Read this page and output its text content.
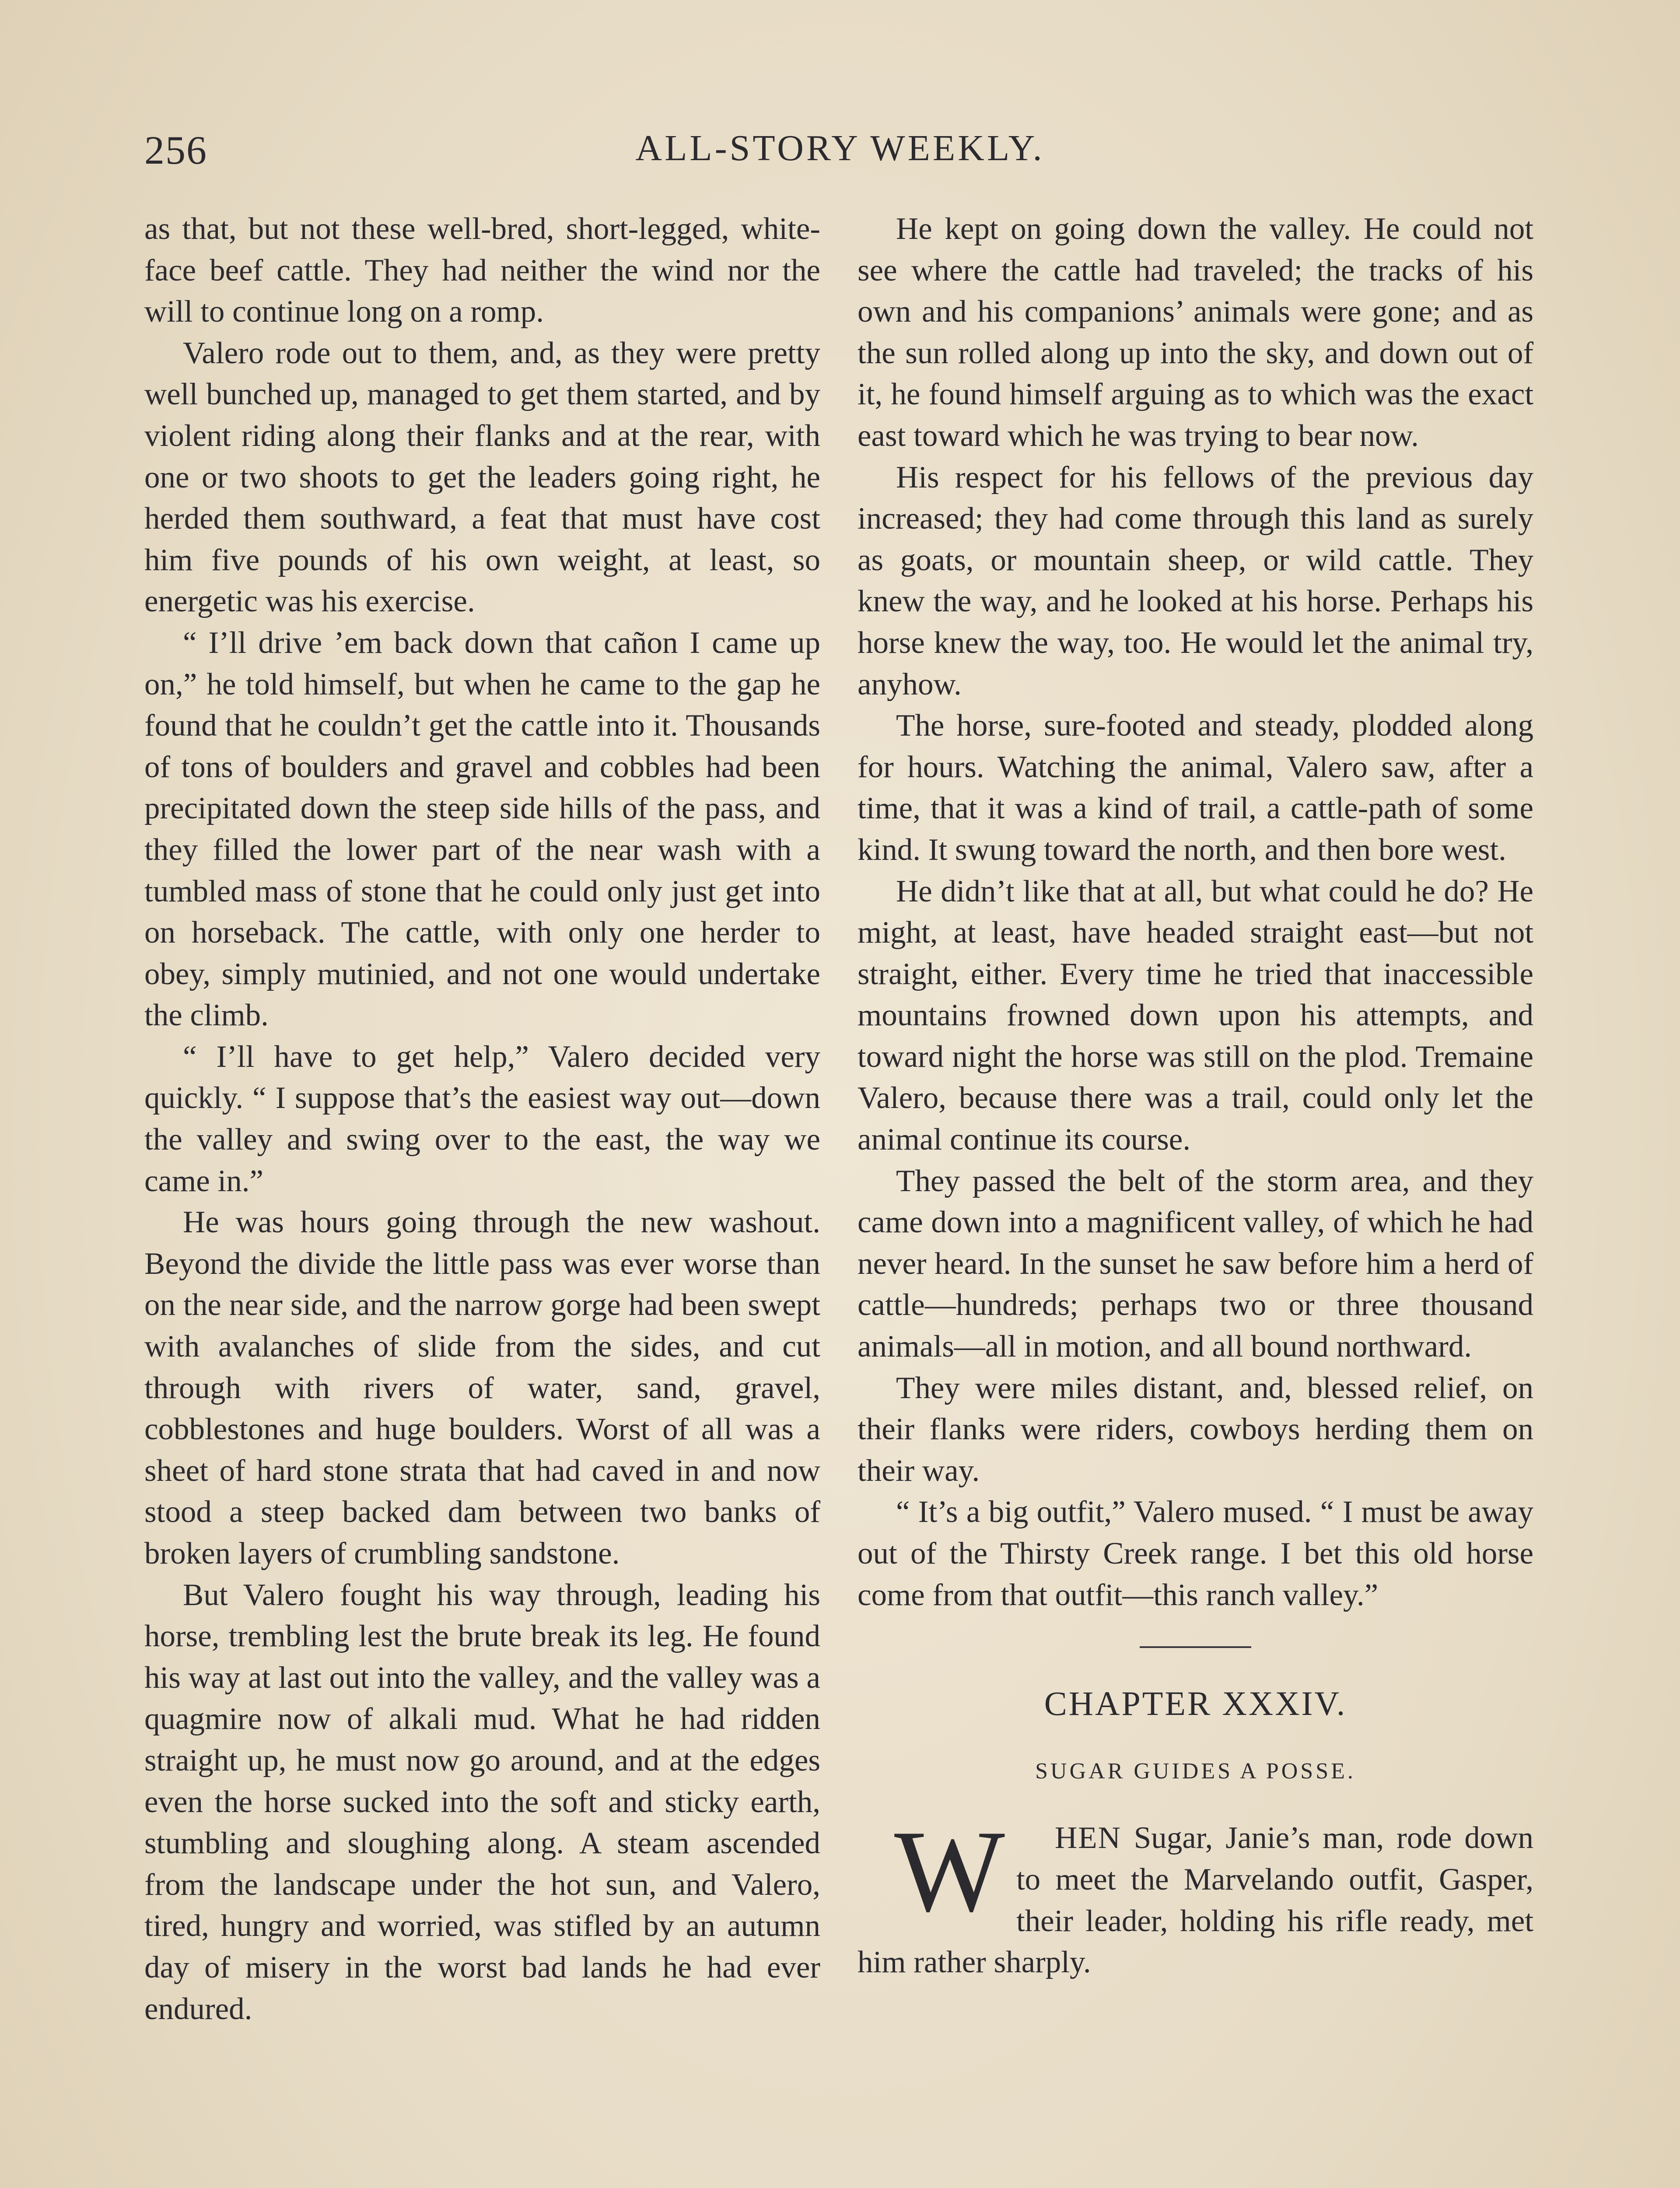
256	ALL-STORY WEEKLY.

as that, but not these well-bred, short-legged, white-face beef cattle. They had neither the wind nor the will to continue long on a romp.

Valero rode out to them, and, as they were pretty well bunched up, managed to get them started, and by violent riding along their flanks and at the rear, with one or two shoots to get the leaders going right, he herded them southward, a feat that must have cost him five pounds of his own weight, at least, so energetic was his exercise.

“ I’ll drive ’em back down that cañon I came up on,” he told himself, but when he came to the gap he found that he couldn’t get the cattle into it. Thousands of tons of boulders and gravel and cobbles had been precipitated down the steep side hills of the pass, and they filled the lower part of the near wash with a tumbled mass of stone that he could only just get into on horseback. The cattle, with only one herder to obey, simply mutinied, and not one would undertake the climb.

“ I’ll have to get help,” Valero decided very quickly. “ I suppose that’s the easiest way out—down the valley and swing over to the east, the way we came in.”

He was hours going through the new washout. Beyond the divide the little pass was ever worse than on the near side, and the narrow gorge had been swept with avalanches of slide from the sides, and cut through with rivers of water, sand, gravel, cobblestones and huge boulders. Worst of all was a sheet of hard stone strata that had caved in and now stood a steep backed dam between two banks of broken layers of crumbling sandstone.

But Valero fought his way through, leading his horse, trembling lest the brute break its leg. He found his way at last out into the valley, and the valley was a quagmire now of alkali mud. What he had ridden straight up, he must now go around, and at the edges even the horse sucked into the soft and sticky earth, stumbling and sloughing along. A steam ascended from the landscape under the hot sun, and Valero, tired, hungry and worried, was stifled by an autumn day of misery in the worst bad lands he had ever endured.

He kept on going down the valley. He could not see where the cattle had traveled; the tracks of his own and his companions’ animals were gone; and as the sun rolled along up into the sky, and down out of it, he found himself arguing as to which was the exact east toward which he was trying to bear now.

His respect for his fellows of the previous day increased; they had come through this land as surely as goats, or mountain sheep, or wild cattle. They knew the way, and he looked at his horse. Perhaps his horse knew the way, too. He would let the animal try, anyhow.

The horse, sure-footed and steady, plodded along for hours. Watching the animal, Valero saw, after a time, that it was a kind of trail, a cattle-path of some kind. It swung toward the north, and then bore west.

He didn’t like that at all, but what could he do? He might, at least, have headed straight east—but not straight, either. Every time he tried that inaccessible mountains frowned down upon his attempts, and toward night the horse was still on the plod. Tremaine Valero, because there was a trail, could only let the animal continue its course.

They passed the belt of the storm area, and they came down into a magnificent valley, of which he had never heard. In the sunset he saw before him a herd of cattle—hundreds; perhaps two or three thousand animals—all in motion, and all bound northward.

They were miles distant, and, blessed relief, on their flanks were riders, cowboys herding them on their way.

“ It’s a big outfit,” Valero mused. “ I must be away out of the Thirsty Creek range. I bet this old horse come from that outfit—this ranch valley.”

CHAPTER XXXIV.
SUGAR GUIDES A POSSE.

W HEN Sugar, Janie’s man, rode down to meet the Marvelando outfit, Gasper, their leader, holding his rifle ready, met him rather sharply.
